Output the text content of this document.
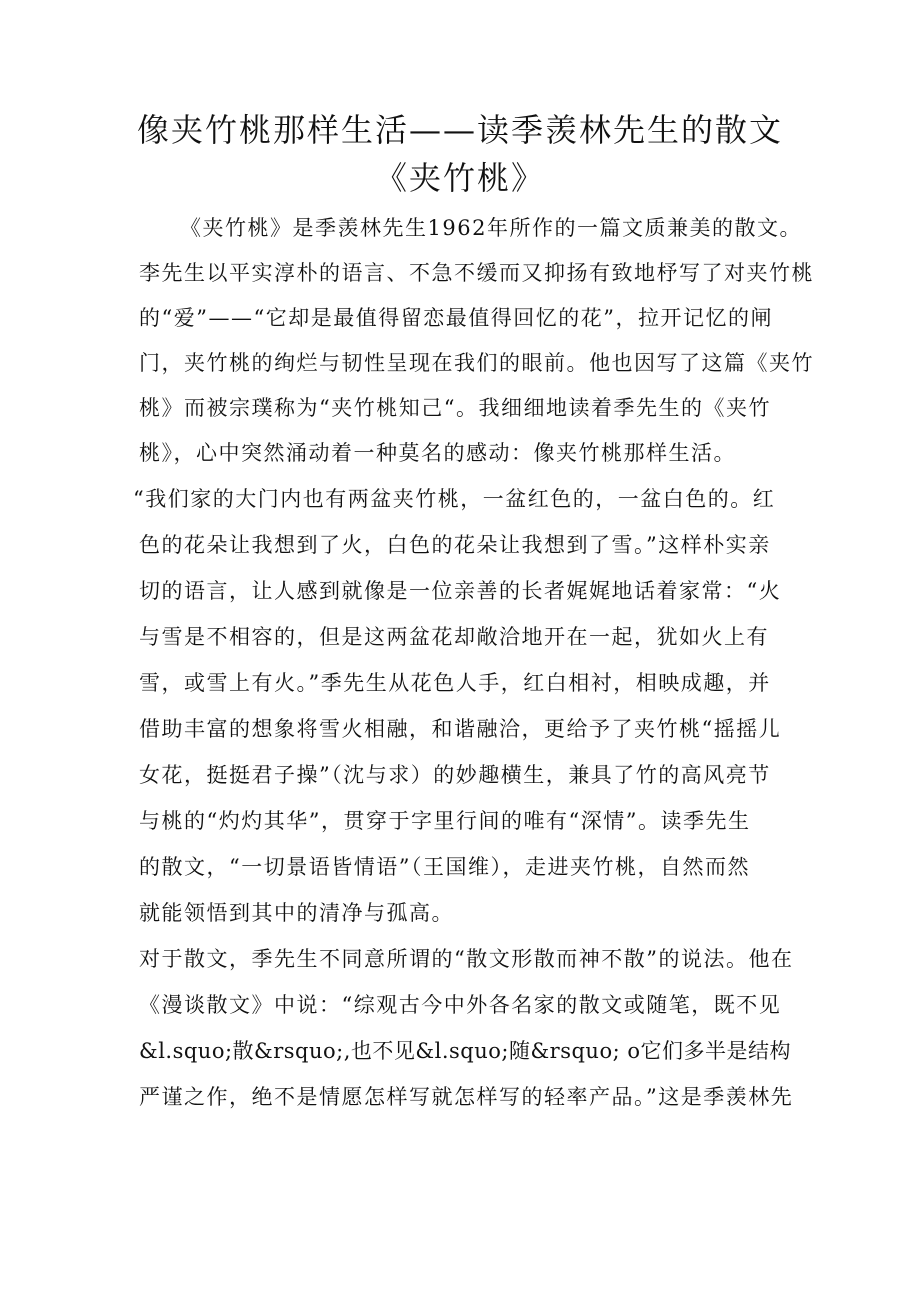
像夹竹桃那样生活——读季羡林先生的散文《夹竹桃》
《夹竹桃》是季羡林先生1962年所作的一篇文质兼美的散文。
李先生以平实淳朴的语言、不急不缓而又抑扬有致地杼写了对夹竹桃
的“爱”——“它却是最值得留恋最值得回忆的花”，拉开记忆的闸
门，夹竹桃的绚烂与韧性呈现在我们的眼前。他也因写了这篇《夹竹
桃》而被宗璞称为“夹竹桃知己“。我细细地读着季先生的《夹竹
桃》，心中突然涌动着一种莫名的感动：像夹竹桃那样生活。
“我们家的大门内也有两盆夹竹桃，一盆红色的，一盆白色的。红
色的花朵让我想到了火，白色的花朵让我想到了雪。”这样朴实亲
切的语言，让人感到就像是一位亲善的长者娓娓地话着家常：“火
与雪是不相容的，但是这两盆花却敞洽地开在一起，犹如火上有
雪，或雪上有火。”季先生从花色人手，红白相衬，相映成趣，并
借助丰富的想象将雪火相融，和谐融洽，更给予了夹竹桃“摇摇儿
女花，挺挺君子操”（沈与求）的妙趣横生，兼具了竹的高风亮节
与桃的“灼灼其华”，贯穿于字里行间的唯有“深情”。读季先生
的散文，“一切景语皆情语”（王国维），走进夹竹桃，自然而然
就能领悟到其中的清净与孤高。
对于散文，季先生不同意所谓的“散文形散而神不散”的说法。他在
《漫谈散文》中说：“综观古今中外各名家的散文或随笔，既不见
&l.squo;散&rsquo;,也不见&l.squo;随&rsquo; o它们多半是结构
严谨之作，绝不是情愿怎样写就怎样写的轻率产品。”这是季羡林先
